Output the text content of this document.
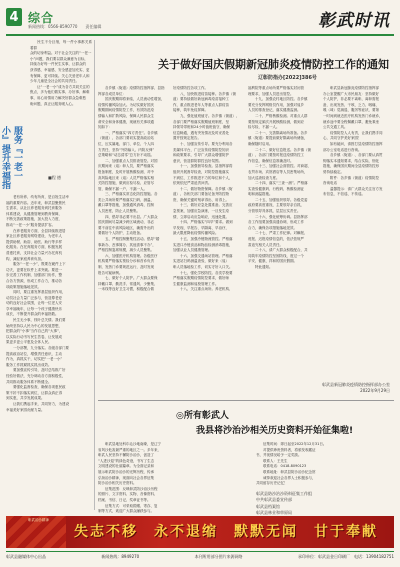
4 综合
新闻热线：0566-8590770　　责任编辑	彰武时讯
服务『一老一小』提升幸福指
　　民生不分巨细，每一件小事都关系着群
众的切身利益。对于社会关注的“一老一
小”问题，我们要以群众满意为目标，
持续办好每一件民生实事，让群众的
获得感、幸福感、安全感更加充实、更
有保障、更可持续。关心关爱老年人和
少年儿童是全社会的共同责任。
　　让“一老一小”成为各方共同关注的
焦点，多为他们做实事、办好事、解难
事，用心用情用力解决好群众急难愁
盼问题，真正让服务暖人心。
■程 德
　　老有所养、幼有所育，是百姓生活幸
福的重要内容。近年来，彰武县聚焦民
生需求，从社区养老服务到托育服务
体系建设，从健康管理到教育保障，
不断完善政策措施，加大投入力度，
推动“一老一小”服务提质扩容。
　　在养老服务方面，全县持续推进居
家社区养老服务网络建设，为老年人
提供助餐、助浴、助医、助行等多样
化服务。在托育服务方面，积极发展
普惠托育，支持社会力量兴办托育机
构，减轻家庭养育负担。
　　服务“一老一小”，既要在硬件上下
功夫，更要在软件上求突破。要进一
步完善工作机制，加强部门协作，整
合各方资源，形成工作合力，推动各
项政策措施落地见效。
　　同时，要注重发挥基层组织作用，
动员社会力量广泛参与，营造尊老爱
幼的良好社会氛围，让每一位老人安
享幸福晚年，让每一个孩子健康快乐
成长，不断提升群众的幸福指数。
　　民生无小事，枝叶总关情。我们要
始终坚持以人民为中心的发展思想，
把群众的“小事”当作自己的“大事”，
以实际行动书写民生答卷，让发展成
果更多更公平惠及全体人民。
　　一分部署，九分落实。各级各部门要
提高政治站位，增强责任意识，主动
作为，真抓实干，切实把“一老一小”
服务工作抓紧抓实抓出成效。
　　要加强宣传引导，及时总结推广好
经验好做法，充分调动各方面积极性，
共同推动服务体系不断健全。
　　要强化监督检查，确保各项惠民政
策不折不扣落实到位，让群众真正得
到实惠，共享发展成果。
　　让我们携起手来，共同努力，为建设
幸福美好家园贡献力量。
关于做好国庆假期新冠肺炎疫情防控工作的通知
辽彰防指办[2022]386号
　　各乡镇（街道）疫情防控指挥部、县指
挥部各成员单位：
　　国庆假期即将来临，人员流动性增加，
疫情传播风险加大。为切实做好国庆
假期期间疫情防控工作，有效防范疫
情输入和扩散风险，保障人民群众生
命安全和身体健康，现就有关事项通
知如下：
　　一、严格落实“四方责任”。各乡镇
（街道）、各部门要切实提高政治站
位，压实属地、部门、单位、个人四
方责任，坚持“外防输入、内防反弹”
总策略和“动态清零”总方针不动摇。
　　二、加强重点人员排查管控。对国
庆期间来（返）彰人员，要严格落实
报备制度，及时开展核酸检测，对中
高风险地区来（返）人员严格落实相
关防控措施，做到应检尽检、应管尽
管，确保不漏一户、不漏一人。
　　三、严格落实常态化防控措施。各
类公共场所要严格落实扫码、测温、
戴口罩等措施，加强通风消毒，控制
人员密度，防止人员聚集。
　　四、倡导非必要不出县。广大群众
国庆期间尽量减少跨区域流动，非必
要不前往中高风险地区，确需外出的
要做好个人防护，主动报备。
　　五、严格控制聚集性活动。倡导“婚
事新办、丧事简办、其他喜事不办”，
严格控制宴席规模，减少人员聚集。
　　六、加强医疗机构管理。各级医疗
机构要严格落实预检分诊和首诊负责
制，发热门诊要规范运行，及时发现
报告可疑病例。
　　七、做好个人防护。广大群众要保
持戴口罩、勤洗手、常通风、少聚集、
一米线等良好卫生习惯，积极配合做
好疫情防控各项工作。
　　八、加快推进疫苗接种。各乡镇（街
道）要持续做好新冠病毒疫苗接种工
作，重点推进老年人等重点人群疫苗
接种，筑牢免疫屏障。
　　九、强化值班值守。各乡镇（街道）、
各部门要严格落实假期值班制度，坚
持领导带班和24小时值班值守，确保
信息畅通，遇有突发情况及时妥善处
置并按规定报告。
　　十、加强宣传引导。要充分利用各
类媒体平台，广泛宣传疫情防控知识
和政策要求，引导广大群众增强防护
意识，营造群防群控良好氛围。
　　十一、加强督导检查。县指挥部将
组织开展督导检查，对防控措施落实
不到位、工作推进不力的单位和个人，
依规依纪严肃追责问责。
　　十二、做好物资保障。各乡镇（街
道）、各相关部门要备足备齐防控物
资，确保关键时刻拿得出、用得上。
　　十三、做好应急处置准备。完善应
急预案，加强应急演练，一旦发生疫
情，立即启动应急响应，迅速处置。
　　十四、严格落实“四早”要求。做到
早发现、早报告、早隔离、早治疗，
最大限度降低疫情传播风险。
　　十五、加强冷链物流管控。严格落
实进口冷链食品和物品检测消毒措施，
加强从业人员健康管理。
　　十六、加强交通场站管理。严格落
实进站扫码测温查验，做好来（返）
彰人员落地检工作，切实守好入口关。
　　十七、强化学校防控。各类学校要
严格落实假期疫情防控要求，做好师
生健康监测和返校管理工作。
　　十八、关注重点场所。养老机构、
福利院等重点场所要严格落实封闭管
理要求，加强人员进出管控。
　　十九、加强农村地区防控。各乡镇
要充分发挥网格员作用，加强对返乡
人员的排查登记，落实健康监测。
　　二十、严格核酸检测。对重点人群
要按规定频次开展核酸检测，做到应
检尽检，不漏一人。
　　二十一、完善隔离场所准备。各乡
镇（街道）要提前做好隔离场所储备，
确保随时启用。
　　二十二、做好信息报送。各乡镇（街
道）、各部门要按时报送疫情防控工
作信息，确保信息准确及时。
　　二十三、加强社会面管控。对商超、
农贸市场、宾馆酒店等人员密集场所，
加大巡查检查力度。
　　二十四、落实“三查一测”。严格落
实查验健康码、行程码、核酸检测证
明和测温措施。
　　二十五、加强组织领导。各级党委
政府要高度重视，主要领导亲自抓，
分管领导具体抓，层层压实责任。
　　二十六、强化统筹协调。县指挥部
各工作组要加强沟通协调，形成工作
合力，确保各项措施落地见效。
　　二十七、严肃工作纪律。对瞒报、
谎报、迟报疫情信息的，依法依规严
肃追究相关人员责任。
　　二十八、请广大群众积极配合，共
同筑牢疫情防控坚固防线，度过一个
平安、健康、祥和的国庆假期。
　　特此通知。
　　彰武县新冠肺炎疫情防控指挥部
办公室提醒广大市民朋友：坚持做好
个人防护，非必要不离彰，离彰需报
备，出现发热、干咳、乏力、咽痛、
嗅（味）觉减退、腹泻等症状，要第
一时间到就近医疗机构发热门诊就诊，
就诊途中要全程佩戴口罩，避免乘坐
公共交通工具。
　　疫情防控人人有责，让我们携手同
心，共同守护美好家园！
　　如有疑问，请拨打县疫情防控指挥
部办公室电话进行咨询。
　　各乡镇（街道）、各部门要认真贯
彻落实本通知要求，结合实际，细化
措施，确保国庆期间全县疫情防控形
势持续稳定。
　　附件：各乡镇（街道）疫情防控
咨询电话
　　温馨提示：请广大群众关注官方发
布信息，不信谣、不传谣。
彰武县新冠肺炎疫情防控指挥部办公室
2022年9月29日
◎所有彰武人
我县将沙治沙相关历史资料开始征集啦!
　　彰武县地处科尔沁沙地南缘，是辽宁
省风沙危害最严重的地区之一。多年来，
彰武人民坚持不懈防沙治沙，创造了
“人进沙退”的绿色奇迹，书写了生态
文明建设的壮丽篇章。为全面记录和
展示彰武防沙治沙的光辉历程，传承
弘扬治沙精神，现面向社会各界征集
防沙治沙相关历史资料。
　　征集范围：反映彰武防沙治沙历程
的照片、文字资料、实物、音像资料、
档案、书信、日记、奖章证书等。
　　征集方式：可采取捐赠、寄存、复
制等方式，欢迎广大群众踊跃参与。
　　征集时间：即日起至2022年12月31日。
　　对提供珍贵资料者，将颁发收藏证
书，并视情况给予一定奖励。
　　联系人：王先生
　　联系电话：0418-8090123
　　联系地址：彰武县防沙治沙纪念馆
　　诚挚欢迎社会各界人士积极参与，
共同留存历史记忆！
彰武县防沙治沙资料征集工作组
中共彰武县委宣传部
彰武县档案馆
彰武县林业和草原局
彰武治沙精神
失志不移　永不退缩　默默无闻　甘于奉献
彰武县融媒体中心出品	新闻热线：8949270	本刊所用部分图片来源网络	承印单位：彰武县金日印刷厂　电话：13904182751
